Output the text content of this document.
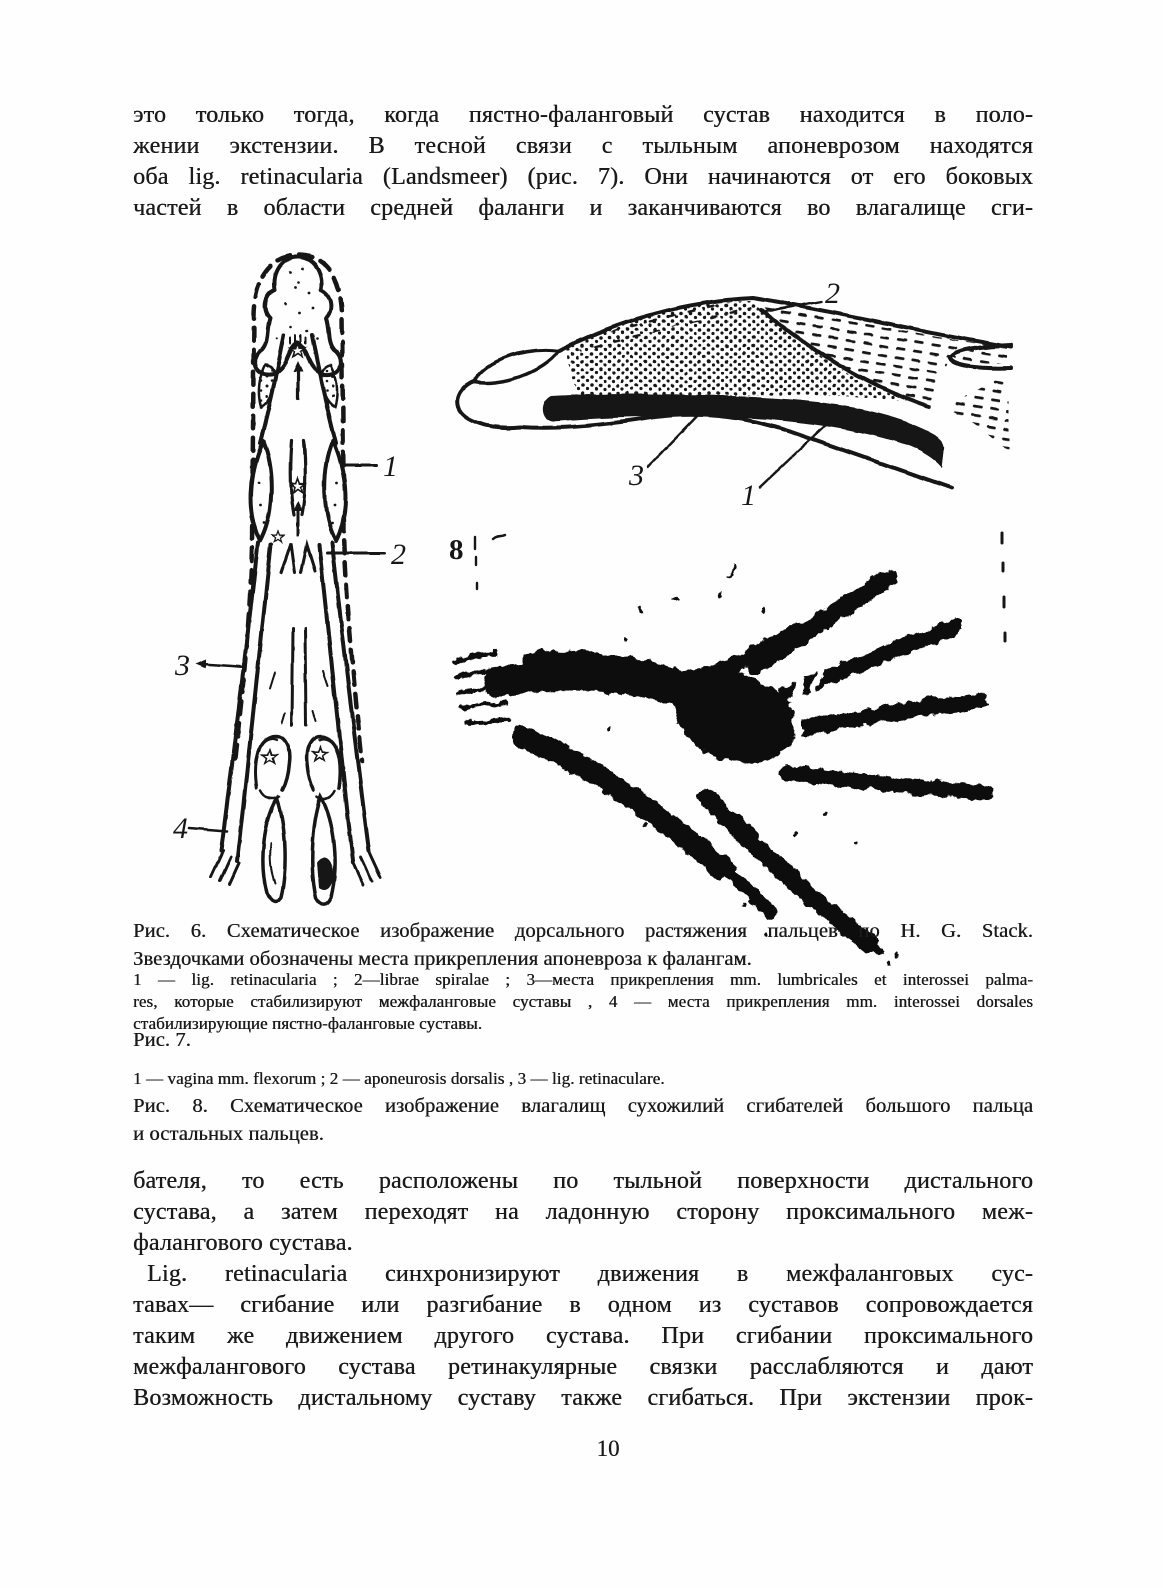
это только тогда, когда пястно-фаланговый сустав находится в поло-
жении экстензии. В тесной связи с тыльным апоневрозом находятся
оба lig. retinacularia (Landsmeer) (рис. 7). Они начинаются от его боковых
частей в области средней фаланги и заканчиваются во влагалище сги-
1
2
3
4
2
3
1
8
Рис. 6. Схематическое изображение дорсального растяжения пальцев по H. G. Stack.
Звездочками обозначены места прикрепления апоневроза к фалангам.
1 — lig. retinacularia ; 2—librae spiralae ; 3—места прикрепления mm. lumbricales et interossei palma-
res, которые стабилизируют межфаланговые суставы , 4 — места прикрепления mm. interossei dorsales
стабилизирующие пястно-фаланговые суставы.
Рис. 7.
1 — vagina mm. flexorum ; 2 — aponeurosis dorsalis , 3 — lig. retinaculare.
Рис. 8. Схематическое изображение влагалищ сухожилий сгибателей большого пальца
и остальных пальцев.
бателя, то есть расположены по тыльной поверхности дистального
сустава, а затем переходят на ладонную сторону проксимального меж-
фалангового сустава.
Lig. retinacularia синхронизируют движения в межфаланговых сус-
тавах— сгибание или разгибание в одном из суставов сопровождается
таким же движением другого сустава. При сгибании проксимального
межфалангового сустава ретинакулярные связки расслабляются и дают
Возможность дистальному суставу также сгибаться. При экстензии прок-
10
